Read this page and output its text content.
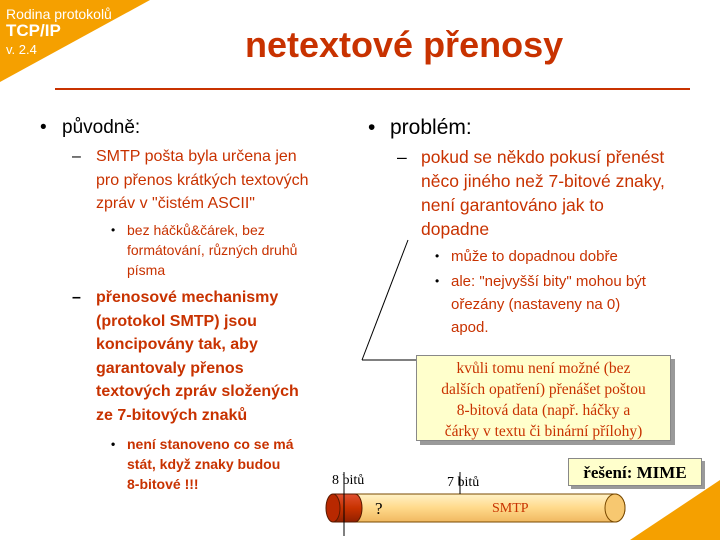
Rodina protokolů
TCP/IP
v. 2.4	netextové přenosy
• původně:
– SMTP pošta byla určena jen
pro přenos krátkých textových
zpráv v "čistém ASCII"
• bez háčků&čárek, bez
formátování, různých druhů
písma
– přenosové mechanismy
(protokol SMTP) jsou
koncipovány tak, aby
garantovaly přenos
textových zpráv složených
ze 7-bitových znaků
• není stanoveno co se má
stát, když znaky budou
8-bitové !!!
• problém:
– pokud se někdo pokusí přenést
něco jiného než 7-bitové znaky,
není garantováno jak to
dopadne
• může to dopadnou dobře
• ale: "nejvyšší bity" mohou být
ořezány (nastaveny na 0)
apod.
8 bitů	7 bitů
?	SMTP
kvůli tomu není možné (bez
dalších opatření) přenášet poštou
8-bitová data (např. háčky a
čárky v textu či binární přílohy)
řešení: MIME
